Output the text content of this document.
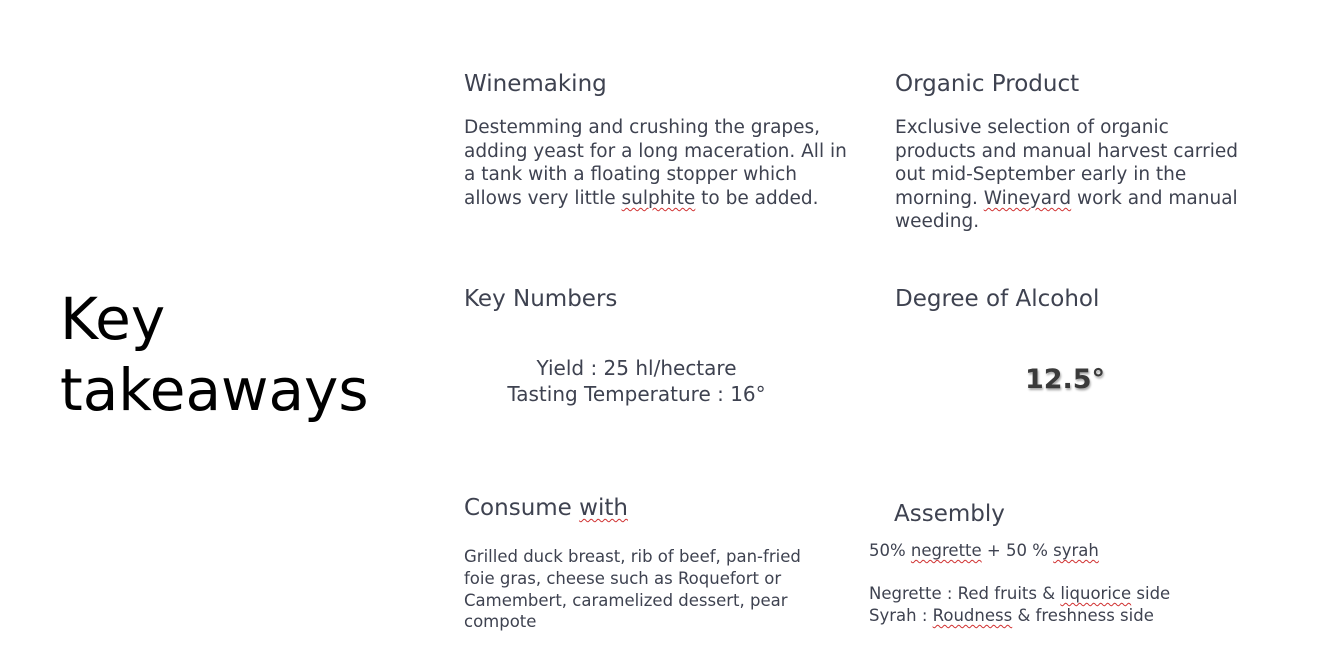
Key
takeaways
Winemaking
Destemming and crushing the grapes,
adding yeast for a long maceration. All in
a tank with a floating stopper which
allows very little sulphite to be added.
Organic Product
Exclusive selection of organic
products and manual harvest carried
out mid-September early in the
morning. Wineyard work and manual
weeding.
Key Numbers
Yield : 25 hl/hectare
Tasting Temperature : 16°
Degree of Alcohol
12.5°
Consume with
Grilled duck breast, rib of beef, pan-fried
foie gras, cheese such as Roquefort or
Camembert, caramelized dessert, pear
compote
Assembly
50% negrette + 50 % syrah
Negrette : Red fruits & liquorice side
Syrah : Roudness & freshness side
